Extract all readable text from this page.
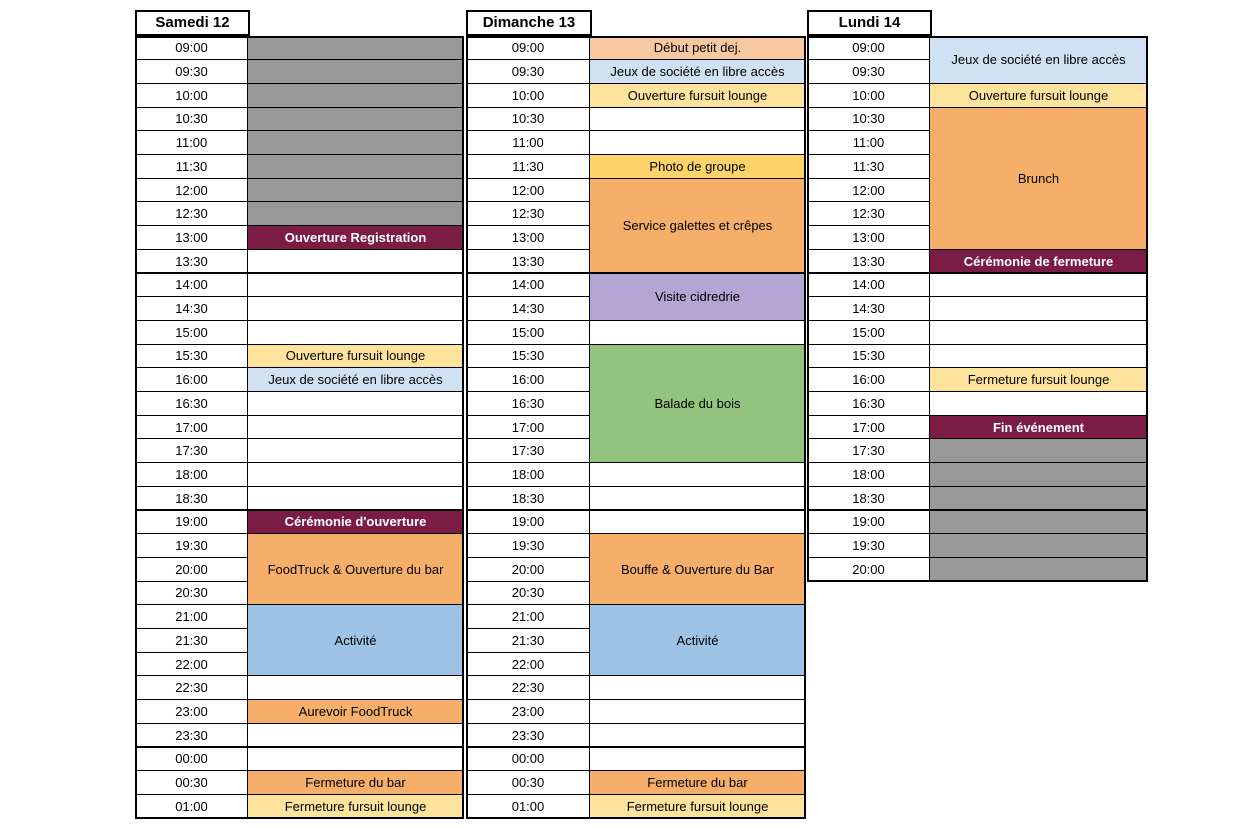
Samedi 12
09:00
09:30
10:00
10:30
11:00
11:30
12:00
12:30
13:00
13:30
14:00
14:30
15:00
15:30
16:00
16:30
17:00
17:30
18:00
18:30
19:00
19:30
20:00
20:30
21:00
21:30
22:00
22:30
23:00
23:30
00:00
00:30
01:00
Ouverture Registration
Ouverture fursuit lounge
Jeux de société en libre accès
Cérémonie d'ouverture
FoodTruck & Ouverture du bar
Activité
Aurevoir FoodTruck
Fermeture du bar
Fermeture fursuit lounge
Dimanche 13
09:00
09:30
10:00
10:30
11:00
11:30
12:00
12:30
13:00
13:30
14:00
14:30
15:00
15:30
16:00
16:30
17:00
17:30
18:00
18:30
19:00
19:30
20:00
20:30
21:00
21:30
22:00
22:30
23:00
23:30
00:00
00:30
01:00
Début petit dej.
Jeux de société en libre accès
Ouverture fursuit lounge
Photo de groupe
Service galettes et crêpes
Visite cidredrie
Balade du bois
Bouffe & Ouverture du Bar
Activité
Fermeture du bar
Fermeture fursuit lounge
Lundi 14
09:00
09:30
10:00
10:30
11:00
11:30
12:00
12:30
13:00
13:30
14:00
14:30
15:00
15:30
16:00
16:30
17:00
17:30
18:00
18:30
19:00
19:30
20:00
Jeux de société en libre accès
Ouverture fursuit lounge
Brunch
Cérémonie de fermeture
Fermeture fursuit lounge
Fin événement
